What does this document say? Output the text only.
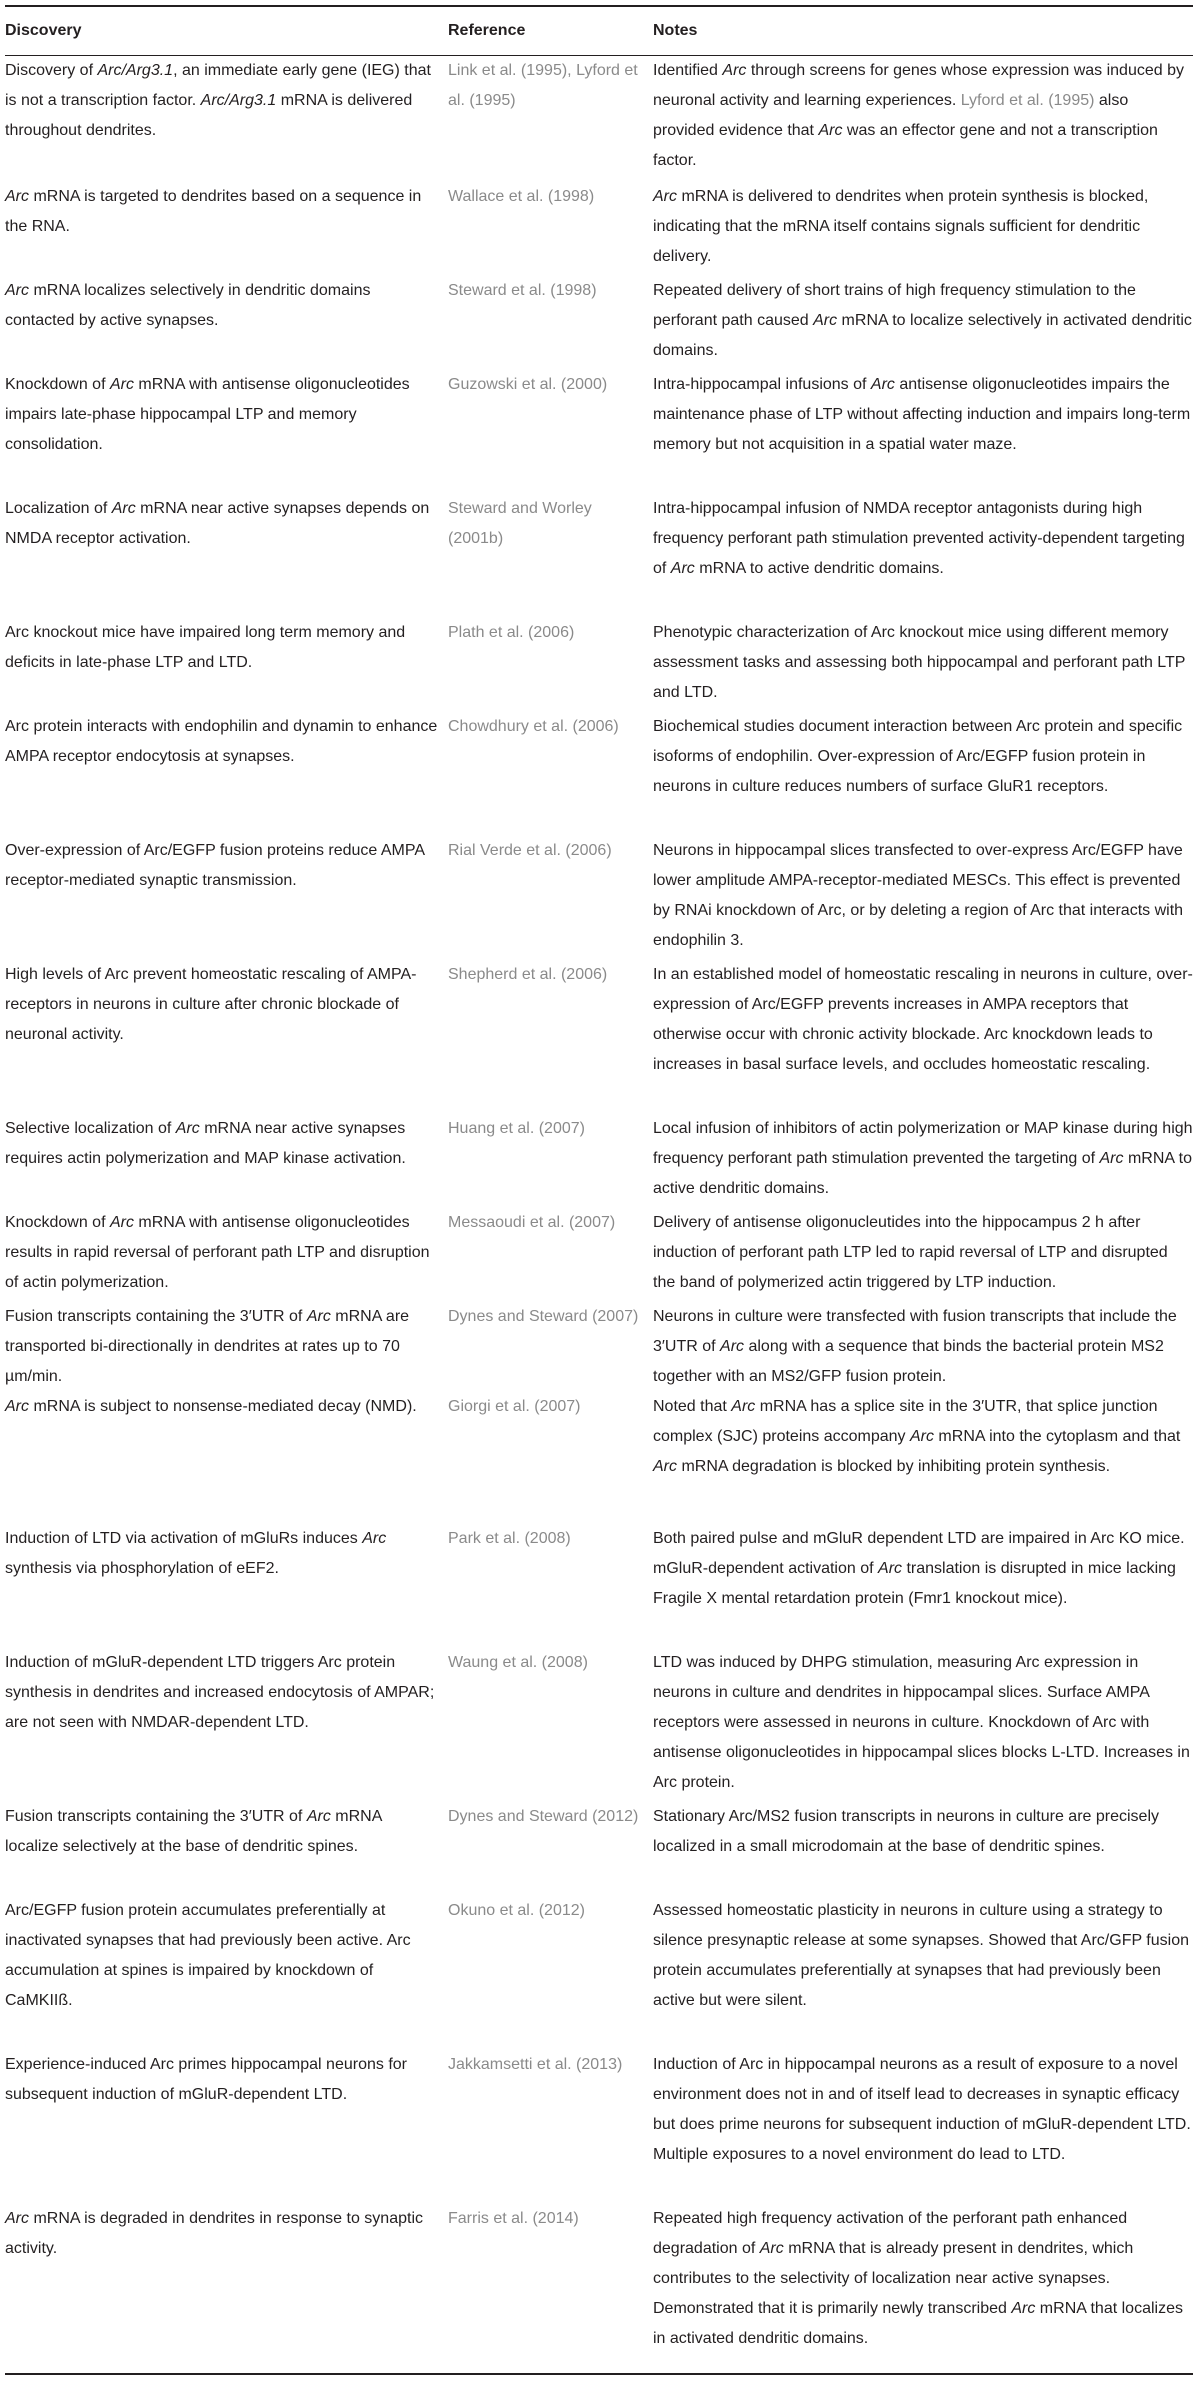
Discovery	Reference	Notes

Discovery of Arc/Arg3.1, an immediate early gene (IEG) that is not a transcription factor. Arc/Arg3.1 mRNA is delivered throughout dendrites.	Link et al. (1995), Lyford et al. (1995)	Identified Arc through screens for genes whose expression was induced by neuronal activity and learning experiences. Lyford et al. (1995) also provided evidence that Arc was an effector gene and not a transcription factor.

Arc mRNA is targeted to dendrites based on a sequence in the RNA.	Wallace et al. (1998)	Arc mRNA is delivered to dendrites when protein synthesis is blocked, indicating that the mRNA itself contains signals sufficient for dendritic delivery.

Arc mRNA localizes selectively in dendritic domains contacted by active synapses.	Steward et al. (1998)	Repeated delivery of short trains of high frequency stimulation to the perforant path caused Arc mRNA to localize selectively in activated dendritic domains.

Knockdown of Arc mRNA with antisense oligonucleotides impairs late-phase hippocampal LTP and memory consolidation.	Guzowski et al. (2000)	Intra-hippocampal infusions of Arc antisense oligonucleotides impairs the maintenance phase of LTP without affecting induction and impairs long-term memory but not acquisition in a spatial water maze.

Localization of Arc mRNA near active synapses depends on NMDA receptor activation.	Steward and Worley (2001b)	Intra-hippocampal infusion of NMDA receptor antagonists during high frequency perforant path stimulation prevented activity-dependent targeting of Arc mRNA to active dendritic domains.

Arc knockout mice have impaired long term memory and deficits in late-phase LTP and LTD.	Plath et al. (2006)	Phenotypic characterization of Arc knockout mice using different memory assessment tasks and assessing both hippocampal and perforant path LTP and LTD.

Arc protein interacts with endophilin and dynamin to enhance AMPA receptor endocytosis at synapses.	Chowdhury et al. (2006)	Biochemical studies document interaction between Arc protein and specific isoforms of endophilin. Over-expression of Arc/EGFP fusion protein in neurons in culture reduces numbers of surface GluR1 receptors.

Over-expression of Arc/EGFP fusion proteins reduce AMPA receptor-mediated synaptic transmission.	Rial Verde et al. (2006)	Neurons in hippocampal slices transfected to over-express Arc/EGFP have lower amplitude AMPA-receptor-mediated MESCs. This effect is prevented by RNAi knockdown of Arc, or by deleting a region of Arc that interacts with endophilin 3.

High levels of Arc prevent homeostatic rescaling of AMPA-receptors in neurons in culture after chronic blockade of neuronal activity.	Shepherd et al. (2006)	In an established model of homeostatic rescaling in neurons in culture, over-expression of Arc/EGFP prevents increases in AMPA receptors that otherwise occur with chronic activity blockade. Arc knockdown leads to increases in basal surface levels, and occludes homeostatic rescaling.

Selective localization of Arc mRNA near active synapses requires actin polymerization and MAP kinase activation.	Huang et al. (2007)	Local infusion of inhibitors of actin polymerization or MAP kinase during high frequency perforant path stimulation prevented the targeting of Arc mRNA to active dendritic domains.

Knockdown of Arc mRNA with antisense oligonucleotides results in rapid reversal of perforant path LTP and disruption of actin polymerization.	Messaoudi et al. (2007)	Delivery of antisense oligonucleutides into the hippocampus 2 h after induction of perforant path LTP led to rapid reversal of LTP and disrupted the band of polymerized actin triggered by LTP induction.

Fusion transcripts containing the 3′UTR of Arc mRNA are transported bi-directionally in dendrites at rates up to 70 µm/min.	Dynes and Steward (2007)	Neurons in culture were transfected with fusion transcripts that include the 3′UTR of Arc along with a sequence that binds the bacterial protein MS2 together with an MS2/GFP fusion protein.

Arc mRNA is subject to nonsense-mediated decay (NMD).	Giorgi et al. (2007)	Noted that Arc mRNA has a splice site in the 3′UTR, that splice junction complex (SJC) proteins accompany Arc mRNA into the cytoplasm and that Arc mRNA degradation is blocked by inhibiting protein synthesis.

Induction of LTD via activation of mGluRs induces Arc synthesis via phosphorylation of eEF2.	Park et al. (2008)	Both paired pulse and mGluR dependent LTD are impaired in Arc KO mice. mGluR-dependent activation of Arc translation is disrupted in mice lacking Fragile X mental retardation protein (Fmr1 knockout mice).

Induction of mGluR-dependent LTD triggers Arc protein synthesis in dendrites and increased endocytosis of AMPAR; are not seen with NMDAR-dependent LTD.	Waung et al. (2008)	LTD was induced by DHPG stimulation, measuring Arc expression in neurons in culture and dendrites in hippocampal slices. Surface AMPA receptors were assessed in neurons in culture. Knockdown of Arc with antisense oligonucleotides in hippocampal slices blocks L-LTD. Increases in Arc protein.

Fusion transcripts containing the 3′UTR of Arc mRNA localize selectively at the base of dendritic spines.	Dynes and Steward (2012)	Stationary Arc/MS2 fusion transcripts in neurons in culture are precisely localized in a small microdomain at the base of dendritic spines.

Arc/EGFP fusion protein accumulates preferentially at inactivated synapses that had previously been active. Arc accumulation at spines is impaired by knockdown of CaMKIIß.	Okuno et al. (2012)	Assessed homeostatic plasticity in neurons in culture using a strategy to silence presynaptic release at some synapses. Showed that Arc/GFP fusion protein accumulates preferentially at synapses that had previously been active but were silent.

Experience-induced Arc primes hippocampal neurons for subsequent induction of mGluR-dependent LTD.	Jakkamsetti et al. (2013)	Induction of Arc in hippocampal neurons as a result of exposure to a novel environment does not in and of itself lead to decreases in synaptic efficacy but does prime neurons for subsequent induction of mGluR-dependent LTD. Multiple exposures to a novel environment do lead to LTD.

Arc mRNA is degraded in dendrites in response to synaptic activity.	Farris et al. (2014)	Repeated high frequency activation of the perforant path enhanced degradation of Arc mRNA that is already present in dendrites, which contributes to the selectivity of localization near active synapses. Demonstrated that it is primarily newly transcribed Arc mRNA that localizes in activated dendritic domains.
